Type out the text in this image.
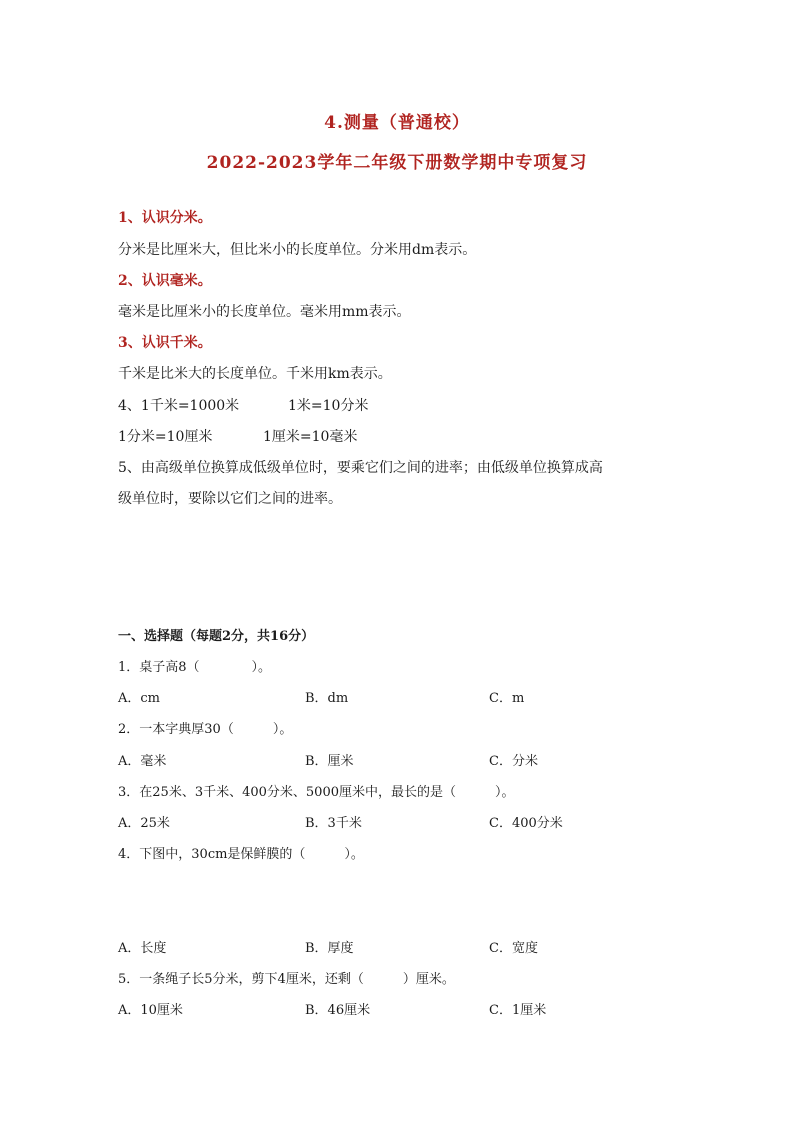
4.测量（普通校）
2022-2023学年二年级下册数学期中专项复习
1、认识分米。
分米是比厘米大，但比米小的长度单位。分米用dm表示。
2、认识毫米。
毫米是比厘米小的长度单位。毫米用mm表示。
3、认识千米。
千米是比米大的长度单位。千米用km表示。
4、1千米=1000米	1米=10分米
1分米=10厘米	1厘米=10毫米
5、由高级单位换算成低级单位时，要乘它们之间的进率；由低级单位换算成高
级单位时，要除以它们之间的进率。
一、选择题（每题2分，共16分）
1．桌子高8（　　　　）。
A．cm	B．dm	C．m
2．一本字典厚30（　　　）。
A．毫米	B．厘米	C．分米
3．在25米、3千米、400分米、5000厘米中，最长的是（　　　）。
A．25米	B．3千米	C．400分米
4．下图中，30cm是保鲜膜的（　　　）。
A．长度	B．厚度	C．宽度
5．一条绳子长5分米，剪下4厘米，还剩（　　　）厘米。
A．10厘米	B．46厘米	C．1厘米
